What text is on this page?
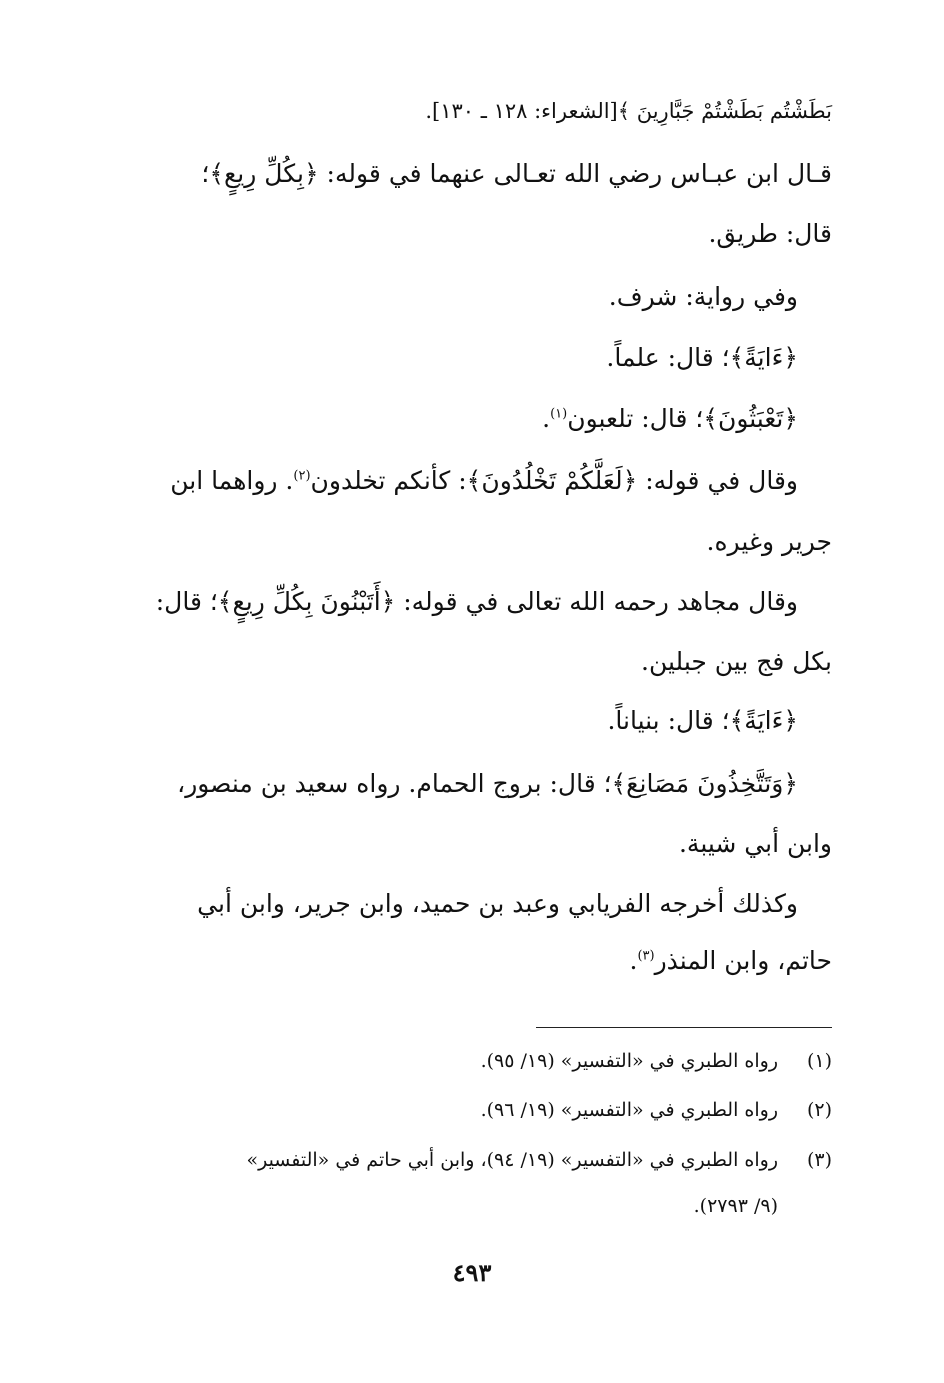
بَطَشْتُم بَطَشْتُمْ جَبَّارِينَ ﴾[الشعراء: ١٢٨ ـ ١٣٠].
قـال ابن عبـاس رضي الله تعـالى عنهما في قوله: ﴿بِكُلِّ رِيعٍ﴾؛
قال: طريق.
وفي رواية: شرف.
﴿ءَايَةً﴾؛ قال: علماً.
﴿تَعْبَثُونَ﴾؛ قال: تلعبون$^{(١)}$.
وقال في قوله: ﴿لَعَلَّكُمْ تَخْلُدُونَ﴾: كأنكم تخلدون$^{(٢)}$. رواهما ابن
جرير وغيره.
وقال مجاهد رحمه الله تعالى في قوله: ﴿أَتَبْنُونَ بِكُلِّ رِيعٍ﴾؛ قال:
بكل فج بين جبلين.
﴿ءَايَةً﴾؛ قال: بنياناً.
﴿وَتَتَّخِذُونَ مَصَانِعَ﴾؛ قال: بروج الحمام. رواه سعيد بن منصور،
وابن أبي شيبة.
وكذلك أخرجه الفريابي وعبد بن حميد، وابن جرير، وابن أبي
حاتم، وابن المنذر$^{(٣)}$.
(١)رواه الطبري في «التفسير» (١٩/ ٩٥).
(٢)رواه الطبري في «التفسير» (١٩/ ٩٦).
(٣)رواه الطبري في «التفسير» (١٩/ ٩٤)، وابن أبي حاتم في «التفسير»
(٩/ ٢٧٩٣).
٤٩٣
